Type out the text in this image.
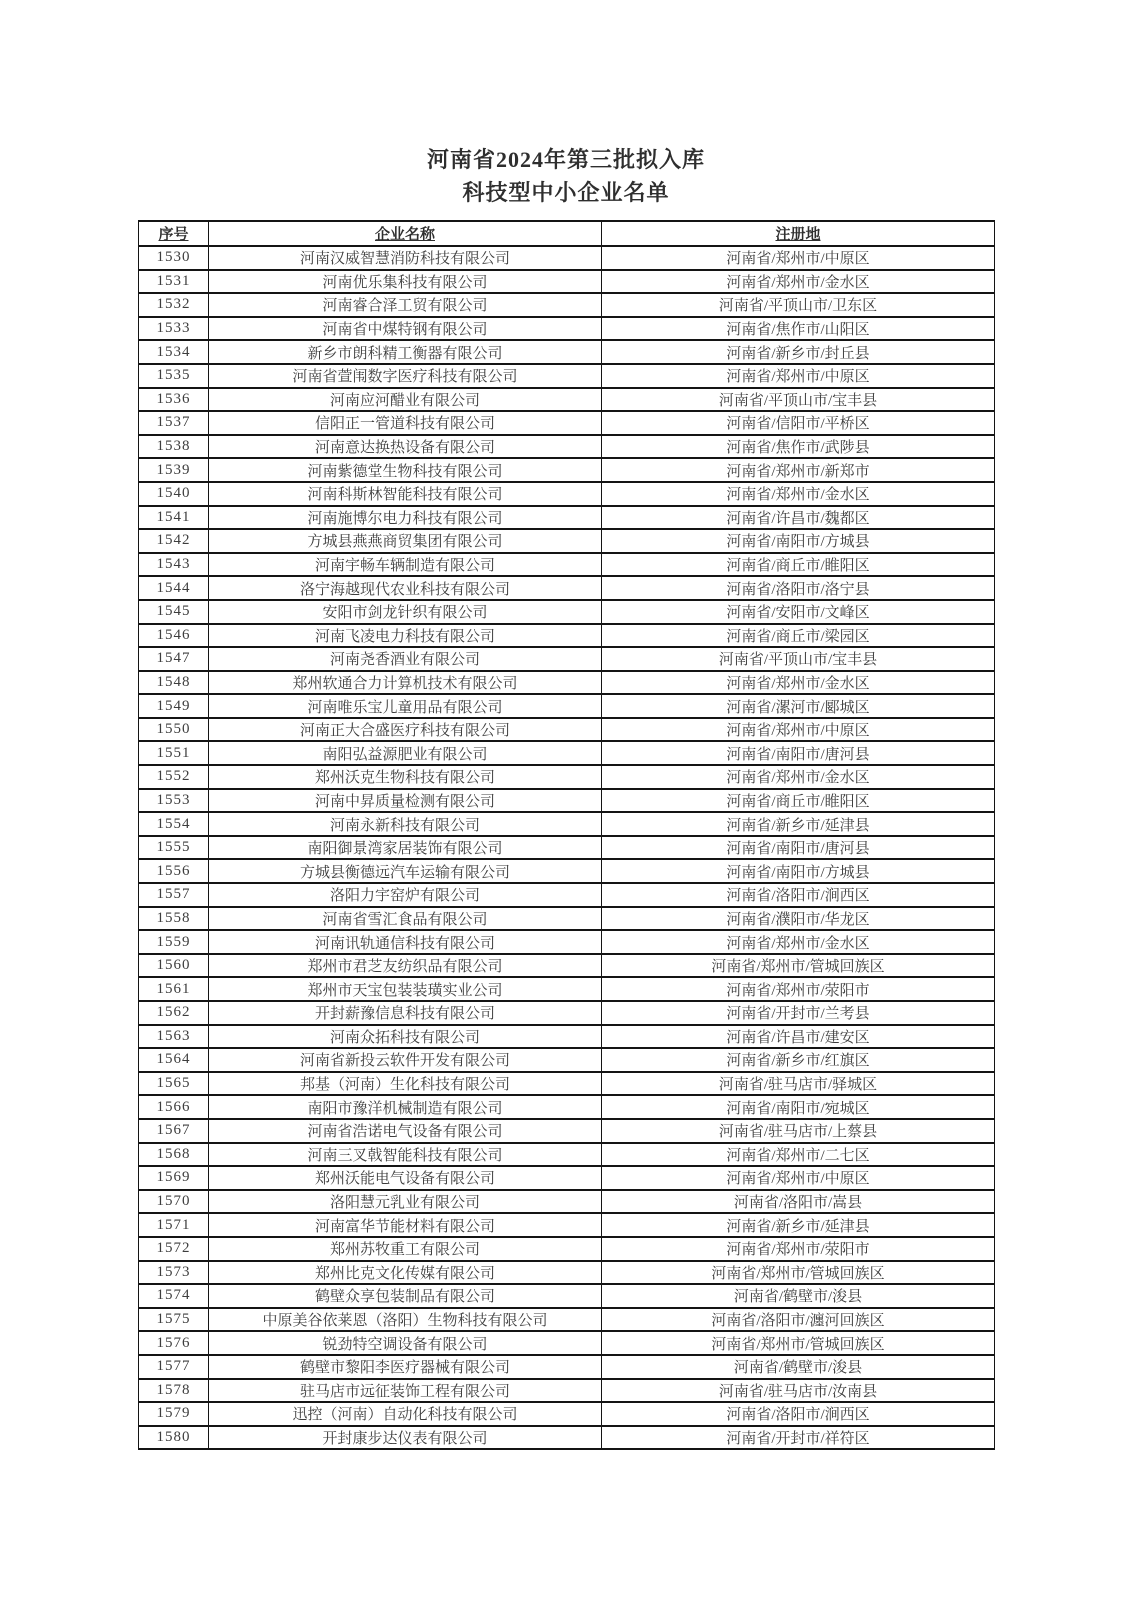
河南省2024年第三批拟入库
科技型中小企业名单
序号	企业名称	注册地
1530	河南汉威智慧消防科技有限公司	河南省/郑州市/中原区
1531	河南优乐集科技有限公司	河南省/郑州市/金水区
1532	河南睿合泽工贸有限公司	河南省/平顶山市/卫东区
1533	河南省中煤特钢有限公司	河南省/焦作市/山阳区
1534	新乡市朗科精工衡器有限公司	河南省/新乡市/封丘县
1535	河南省萱闱数字医疗科技有限公司	河南省/郑州市/中原区
1536	河南应河醋业有限公司	河南省/平顶山市/宝丰县
1537	信阳正一管道科技有限公司	河南省/信阳市/平桥区
1538	河南意达换热设备有限公司	河南省/焦作市/武陟县
1539	河南紫德堂生物科技有限公司	河南省/郑州市/新郑市
1540	河南科斯林智能科技有限公司	河南省/郑州市/金水区
1541	河南施博尔电力科技有限公司	河南省/许昌市/魏都区
1542	方城县燕燕商贸集团有限公司	河南省/南阳市/方城县
1543	河南宇畅车辆制造有限公司	河南省/商丘市/睢阳区
1544	洛宁海越现代农业科技有限公司	河南省/洛阳市/洛宁县
1545	安阳市剑龙针织有限公司	河南省/安阳市/文峰区
1546	河南飞凌电力科技有限公司	河南省/商丘市/梁园区
1547	河南尧香酒业有限公司	河南省/平顶山市/宝丰县
1548	郑州软通合力计算机技术有限公司	河南省/郑州市/金水区
1549	河南唯乐宝儿童用品有限公司	河南省/漯河市/郾城区
1550	河南正大合盛医疗科技有限公司	河南省/郑州市/中原区
1551	南阳弘益源肥业有限公司	河南省/南阳市/唐河县
1552	郑州沃克生物科技有限公司	河南省/郑州市/金水区
1553	河南中昇质量检测有限公司	河南省/商丘市/睢阳区
1554	河南永新科技有限公司	河南省/新乡市/延津县
1555	南阳御景湾家居装饰有限公司	河南省/南阳市/唐河县
1556	方城县衡德远汽车运输有限公司	河南省/南阳市/方城县
1557	洛阳力宇窑炉有限公司	河南省/洛阳市/涧西区
1558	河南省雪汇食品有限公司	河南省/濮阳市/华龙区
1559	河南讯轨通信科技有限公司	河南省/郑州市/金水区
1560	郑州市君芝友纺织品有限公司	河南省/郑州市/管城回族区
1561	郑州市天宝包装装璜实业公司	河南省/郑州市/荥阳市
1562	开封薪豫信息科技有限公司	河南省/开封市/兰考县
1563	河南众拓科技有限公司	河南省/许昌市/建安区
1564	河南省新投云软件开发有限公司	河南省/新乡市/红旗区
1565	邦基（河南）生化科技有限公司	河南省/驻马店市/驿城区
1566	南阳市豫洋机械制造有限公司	河南省/南阳市/宛城区
1567	河南省浩诺电气设备有限公司	河南省/驻马店市/上蔡县
1568	河南三叉戟智能科技有限公司	河南省/郑州市/二七区
1569	郑州沃能电气设备有限公司	河南省/郑州市/中原区
1570	洛阳慧元乳业有限公司	河南省/洛阳市/嵩县
1571	河南富华节能材料有限公司	河南省/新乡市/延津县
1572	郑州苏牧重工有限公司	河南省/郑州市/荥阳市
1573	郑州比克文化传媒有限公司	河南省/郑州市/管城回族区
1574	鹤壁众享包装制品有限公司	河南省/鹤壁市/浚县
1575	中原美谷依莱恩（洛阳）生物科技有限公司	河南省/洛阳市/瀍河回族区
1576	锐劲特空调设备有限公司	河南省/郑州市/管城回族区
1577	鹤壁市黎阳李医疗器械有限公司	河南省/鹤壁市/浚县
1578	驻马店市远征装饰工程有限公司	河南省/驻马店市/汝南县
1579	迅控（河南）自动化科技有限公司	河南省/洛阳市/涧西区
1580	开封康步达仪表有限公司	河南省/开封市/祥符区
